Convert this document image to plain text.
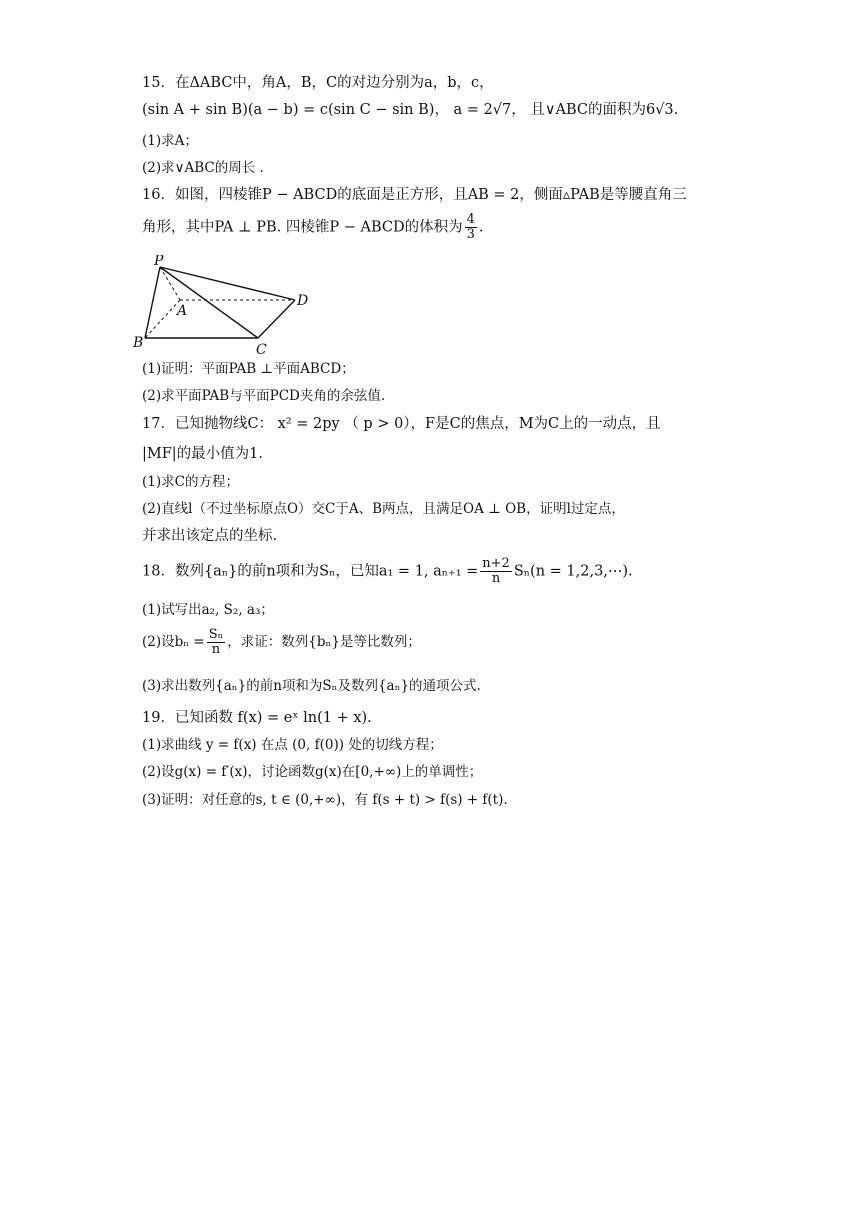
15．在ΔABC中，角A，B，C的对边分别为a，b，c，
(sin A + sin B)(a − b) = c(sin C − sin B)， a = 2√7， 且∨ABC的面积为6√3.
(1)求A；
(2)求∨ABC的周长 .
16．如图，四棱锥P − ABCD的底面是正方形，且AB = 2，侧面▵PAB是等腰直角三
角形，其中PA ⊥ PB. 四棱锥P − ABCD的体积为 $\frac{4}{3}$ .
P
A
B	C
D
(1)证明：平面PAB ⊥平面ABCD；
(2)求平面PAB与平面PCD夹角的余弦值.
17．已知抛物线C： x² = 2py （ p > 0），F是C的焦点，M为C上的一动点，且
|MF|的最小值为1.
(1)求C的方程；
(2)直线l（不过坐标原点O）交C于A、B两点，且满足OA ⊥ OB，证明l过定点，
并求出该定点的坐标.
18．数列{aₙ}的前n项和为Sₙ，已知a₁ = 1, $a_{n+1} = \frac{n+2}{n} S_n(n$ = 1,2,3,⋯).
(1)试写出a₂, S₂, a₃；
(2)设$b_n = \frac{\text{Sₙ}}{n}$ ，求证：数列{bₙ}是等比数列；
(3)求出数列{aₙ}的前n项和为Sₙ及数列{aₙ}的通项公式.
19．已知函数 f(x) = eˣ ln(1 + x).
(1)求曲线 y = f(x) 在点 (0, f(0)) 处的切线方程；
(2)设g(x) = f′(x)，讨论函数g(x)在[0,+∞)上的单调性；
(3)证明：对任意的s, t ∈ (0,+∞)，有 f(s + t) > f(s) + f(t).
